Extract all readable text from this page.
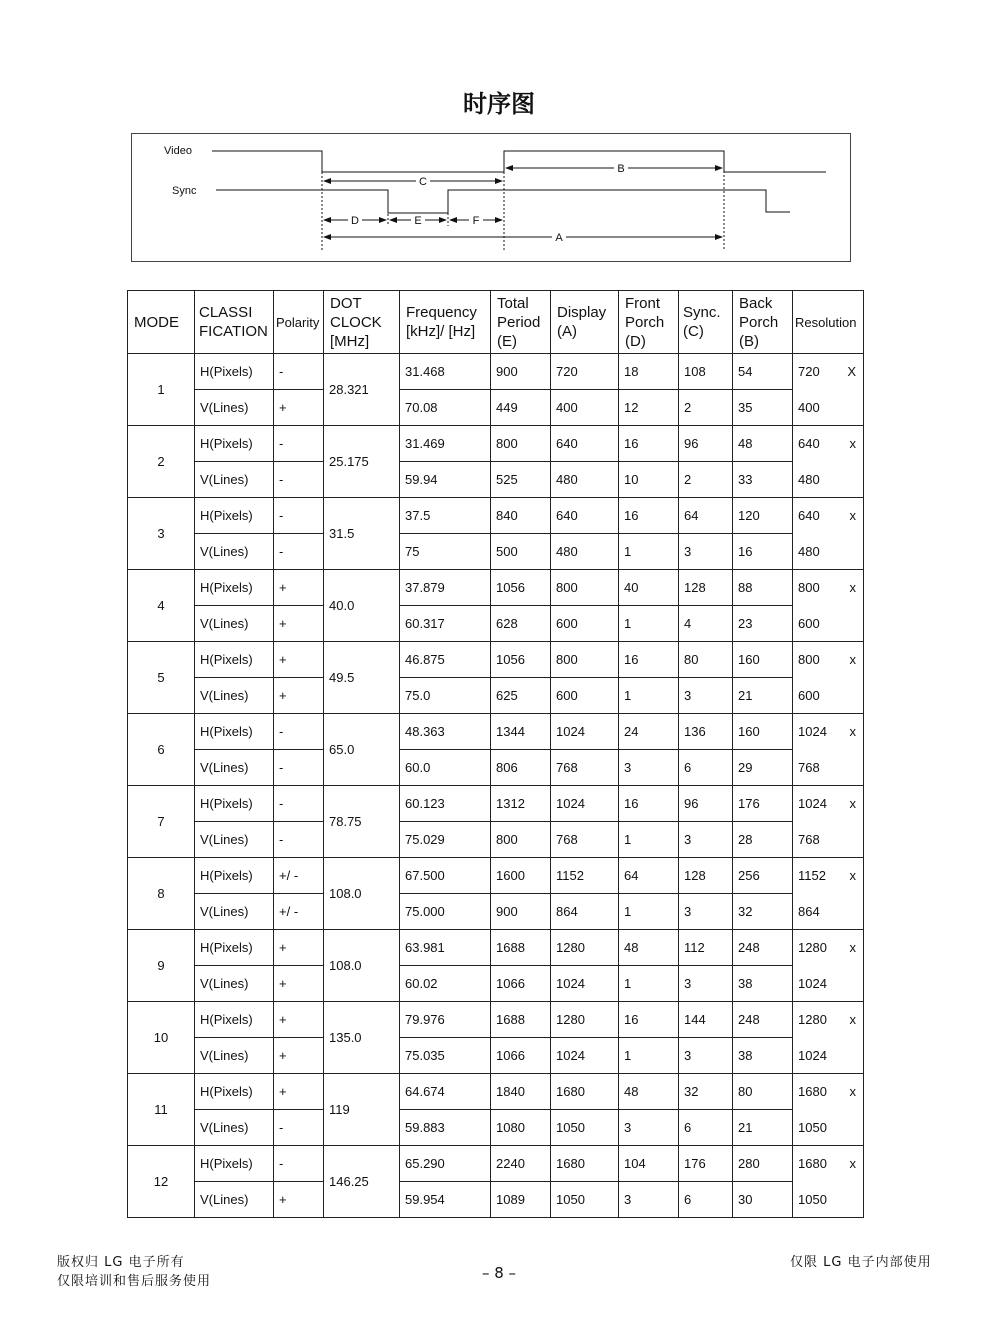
时序图
Video
Sync
B
C
D	E	F
A
MODE	CLASSI FICATION	Polarity	DOT CLOCK [MHz]	Frequency [kHz]/ [Hz]	Total Period (E)	Display (A)	Front Porch (D)	Sync. (C)	Back Porch (B)	Resolution
1	H(Pixels)	-	28.321	31.468	900	720	18	108	54	720 X

	V(Lines)	+		70.08	449	400	12	2	35	400
2	H(Pixels)	-	25.175	31.469	800	640	16	96	48	640 x

	V(Lines)	-		59.94	525	480	10	2	33	480
3	H(Pixels)	-	31.5	37.5	840	640	16	64	120	640 x

	V(Lines)	-		75	500	480	1	3	16	480
4	H(Pixels)	+	40.0	37.879	1056	800	40	128	88	800 x

	V(Lines)	+		60.317	628	600	1	4	23	600
5	H(Pixels)	+	49.5	46.875	1056	800	16	80	160	800 x

	V(Lines)	+		75.0	625	600	1	3	21	600
6	H(Pixels)	-	65.0	48.363	1344	1024	24	136	160	1024 x

	V(Lines)	-		60.0	806	768	3	6	29	768
7	H(Pixels)	-	78.75	60.123	1312	1024	16	96	176	1024 x

	V(Lines)	-		75.029	800	768	1	3	28	768
8	H(Pixels)	+/ -	108.0	67.500	1600	1152	64	128	256	1152 x

	V(Lines)	+/ -		75.000	900	864	1	3	32	864
9	H(Pixels)	+	108.0	63.981	1688	1280	48	112	248	1280 x

	V(Lines)	+		60.02	1066	1024	1	3	38	1024
10	H(Pixels)	+	135.0	79.976	1688	1280	16	144	248	1280 x

	V(Lines)	+		75.035	1066	1024	1	3	38	1024
11	H(Pixels)	+	119	64.674	1840	1680	48	32	80	1680 x

	V(Lines)	-		59.883	1080	1050	3	6	21	1050
12	H(Pixels)	-	146.25	65.290	2240	1680	104	176	280	1680 x

	V(Lines)	+		59.954	1089	1050	3	6	30	1050
版权归 LG 电子所有
仅限培训和售后服务使用	– 8 –
仅限 LG 电子内部使用
